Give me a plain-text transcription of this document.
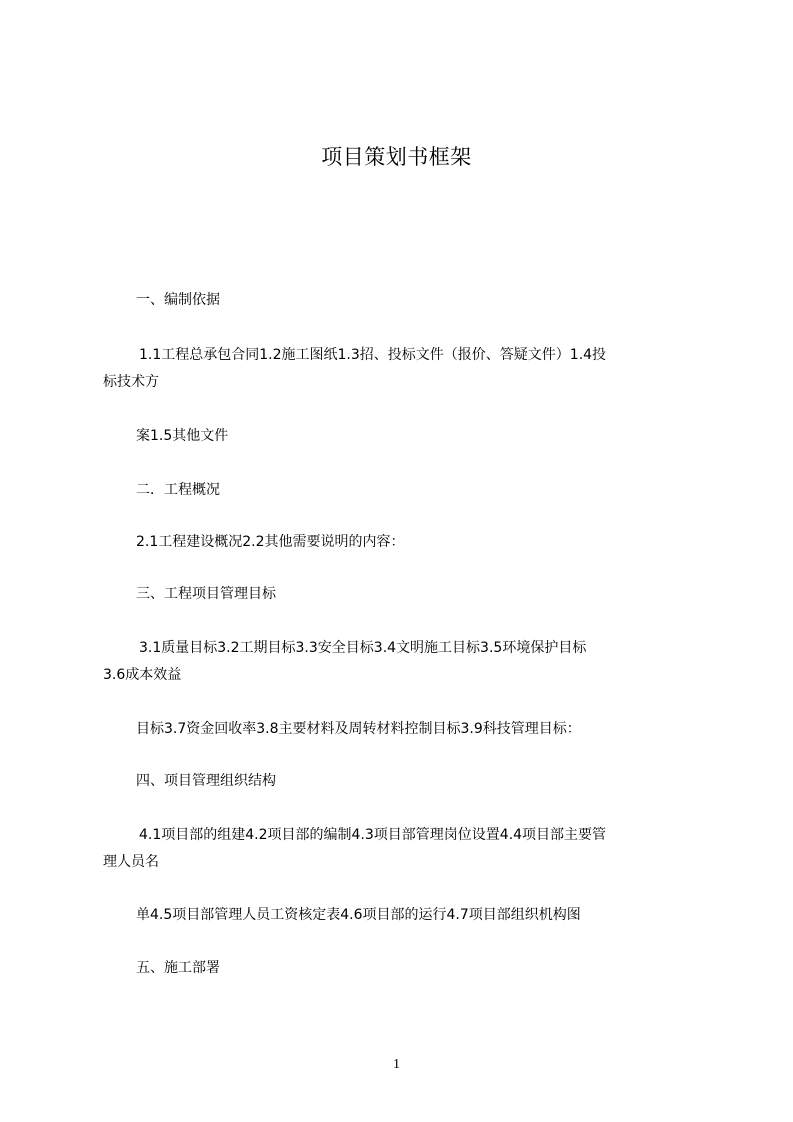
项目策划书框架
一、编制依据
1.1工程总承包合同1.2施工图纸1.3招、投标文件（报价、答疑文件）1.4投
标技术方
案1.5其他文件
二．工程概况
2.1工程建设概况2.2其他需要说明的内容：
三、工程项目管理目标
3.1质量目标3.2工期目标3.3安全目标3.4文明施工目标3.5环境保护目标
3.6成本效益
目标3.7资金回收率3.8主要材料及周转材料控制目标3.9科技管理目标：
四、项目管理组织结构
4.1项目部的组建4.2项目部的编制4.3项目部管理岗位设置4.4项目部主要管
理人员名
单4.5项目部管理人员工资核定表4.6项目部的运行4.7项目部组织机构图
五、施工部署
1
